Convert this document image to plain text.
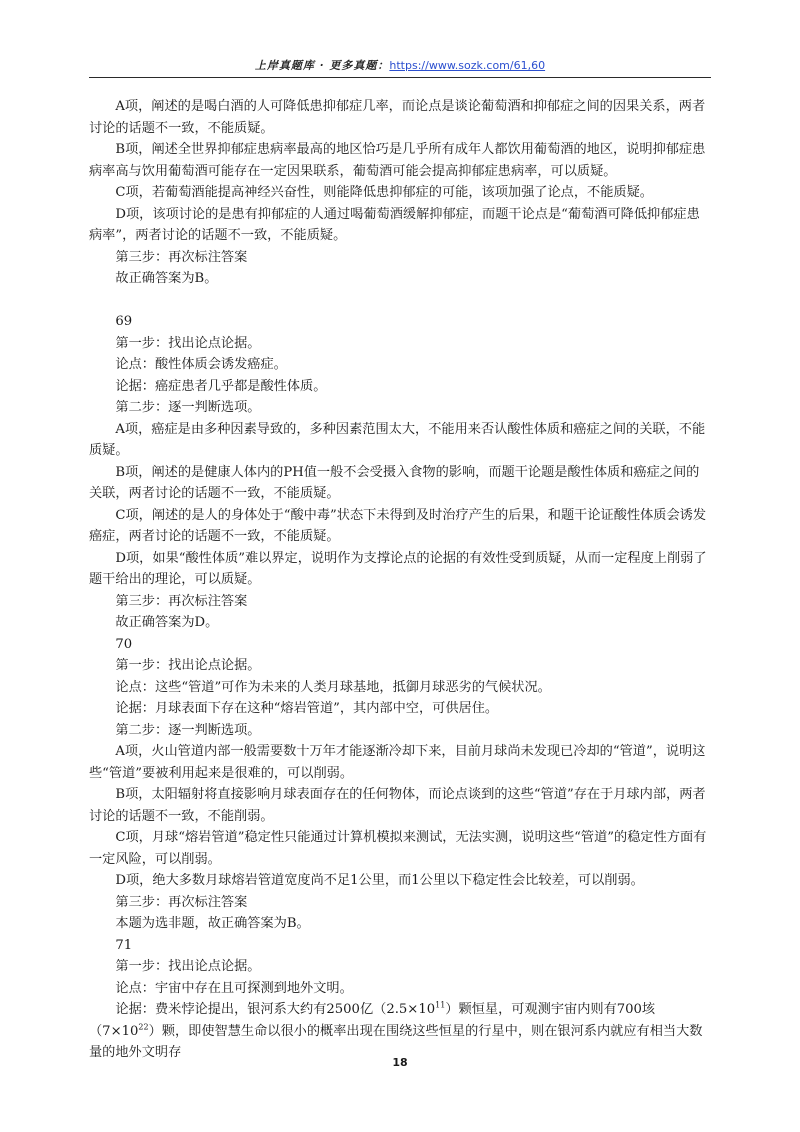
上岸真题库 · 更多真题：https://www.sozk.com/61,60

A项，阐述的是喝白酒的人可降低患抑郁症几率，而论点是谈论葡萄酒和抑郁症之间的因果关系，两者讨论的话题不一致，不能质疑。

B项，阐述全世界抑郁症患病率最高的地区恰巧是几乎所有成年人都饮用葡萄酒的地区，说明抑郁症患病率高与饮用葡萄酒可能存在一定因果联系，葡萄酒可能会提高抑郁症患病率，可以质疑。

C项，若葡萄酒能提高神经兴奋性，则能降低患抑郁症的可能，该项加强了论点，不能质疑。

D项，该项讨论的是患有抑郁症的人通过喝葡萄酒缓解抑郁症，而题干论点是“葡萄酒可降低抑郁症患病率”，两者讨论的话题不一致，不能质疑。

第三步：再次标注答案

故正确答案为B。

69

第一步：找出论点论据。

论点：酸性体质会诱发癌症。

论据：癌症患者几乎都是酸性体质。

第二步：逐一判断选项。

A项，癌症是由多种因素导致的，多种因素范围太大，不能用来否认酸性体质和癌症之间的关联，不能质疑。

B项，阐述的是健康人体内的PH值一般不会受摄入食物的影响，而题干论题是酸性体质和癌症之间的关联，两者讨论的话题不一致，不能质疑。

C项，阐述的是人的身体处于“酸中毒”状态下未得到及时治疗产生的后果，和题干论证酸性体质会诱发癌症，两者讨论的话题不一致，不能质疑。

D项，如果“酸性体质”难以界定，说明作为支撑论点的论据的有效性受到质疑，从而一定程度上削弱了题干给出的理论，可以质疑。

第三步：再次标注答案

故正确答案为D。

70

第一步：找出论点论据。

论点：这些“管道”可作为未来的人类月球基地，抵御月球恶劣的气候状况。

论据：月球表面下存在这种“熔岩管道”，其内部中空，可供居住。

第二步：逐一判断选项。

A项，火山管道内部一般需要数十万年才能逐渐冷却下来，目前月球尚未发现已冷却的“管道”，说明这些“管道”要被利用起来是很难的，可以削弱。

B项，太阳辐射将直接影响月球表面存在的任何物体，而论点谈到的这些“管道”存在于月球内部，两者讨论的话题不一致，不能削弱。

C项，月球“熔岩管道”稳定性只能通过计算机模拟来测试，无法实测，说明这些“管道”的稳定性方面有一定风险，可以削弱。

D项，绝大多数月球熔岩管道宽度尚不足1公里，而1公里以下稳定性会比较差，可以削弱。

第三步：再次标注答案

本题为选非题，故正确答案为B。

71

第一步：找出论点论据。

论点：宇宙中存在且可探测到地外文明。

论据：费米悖论提出，银河系大约有2500亿$(2.5\times 10^{11})$颗恒星，可观测宇宙内则有700垓$(7\times 10^{22})$颗，即使智慧生命以很小的概率出现在围绕这些恒星的行星中，则在银河系内就应有相当大数量的地外文明存

18
